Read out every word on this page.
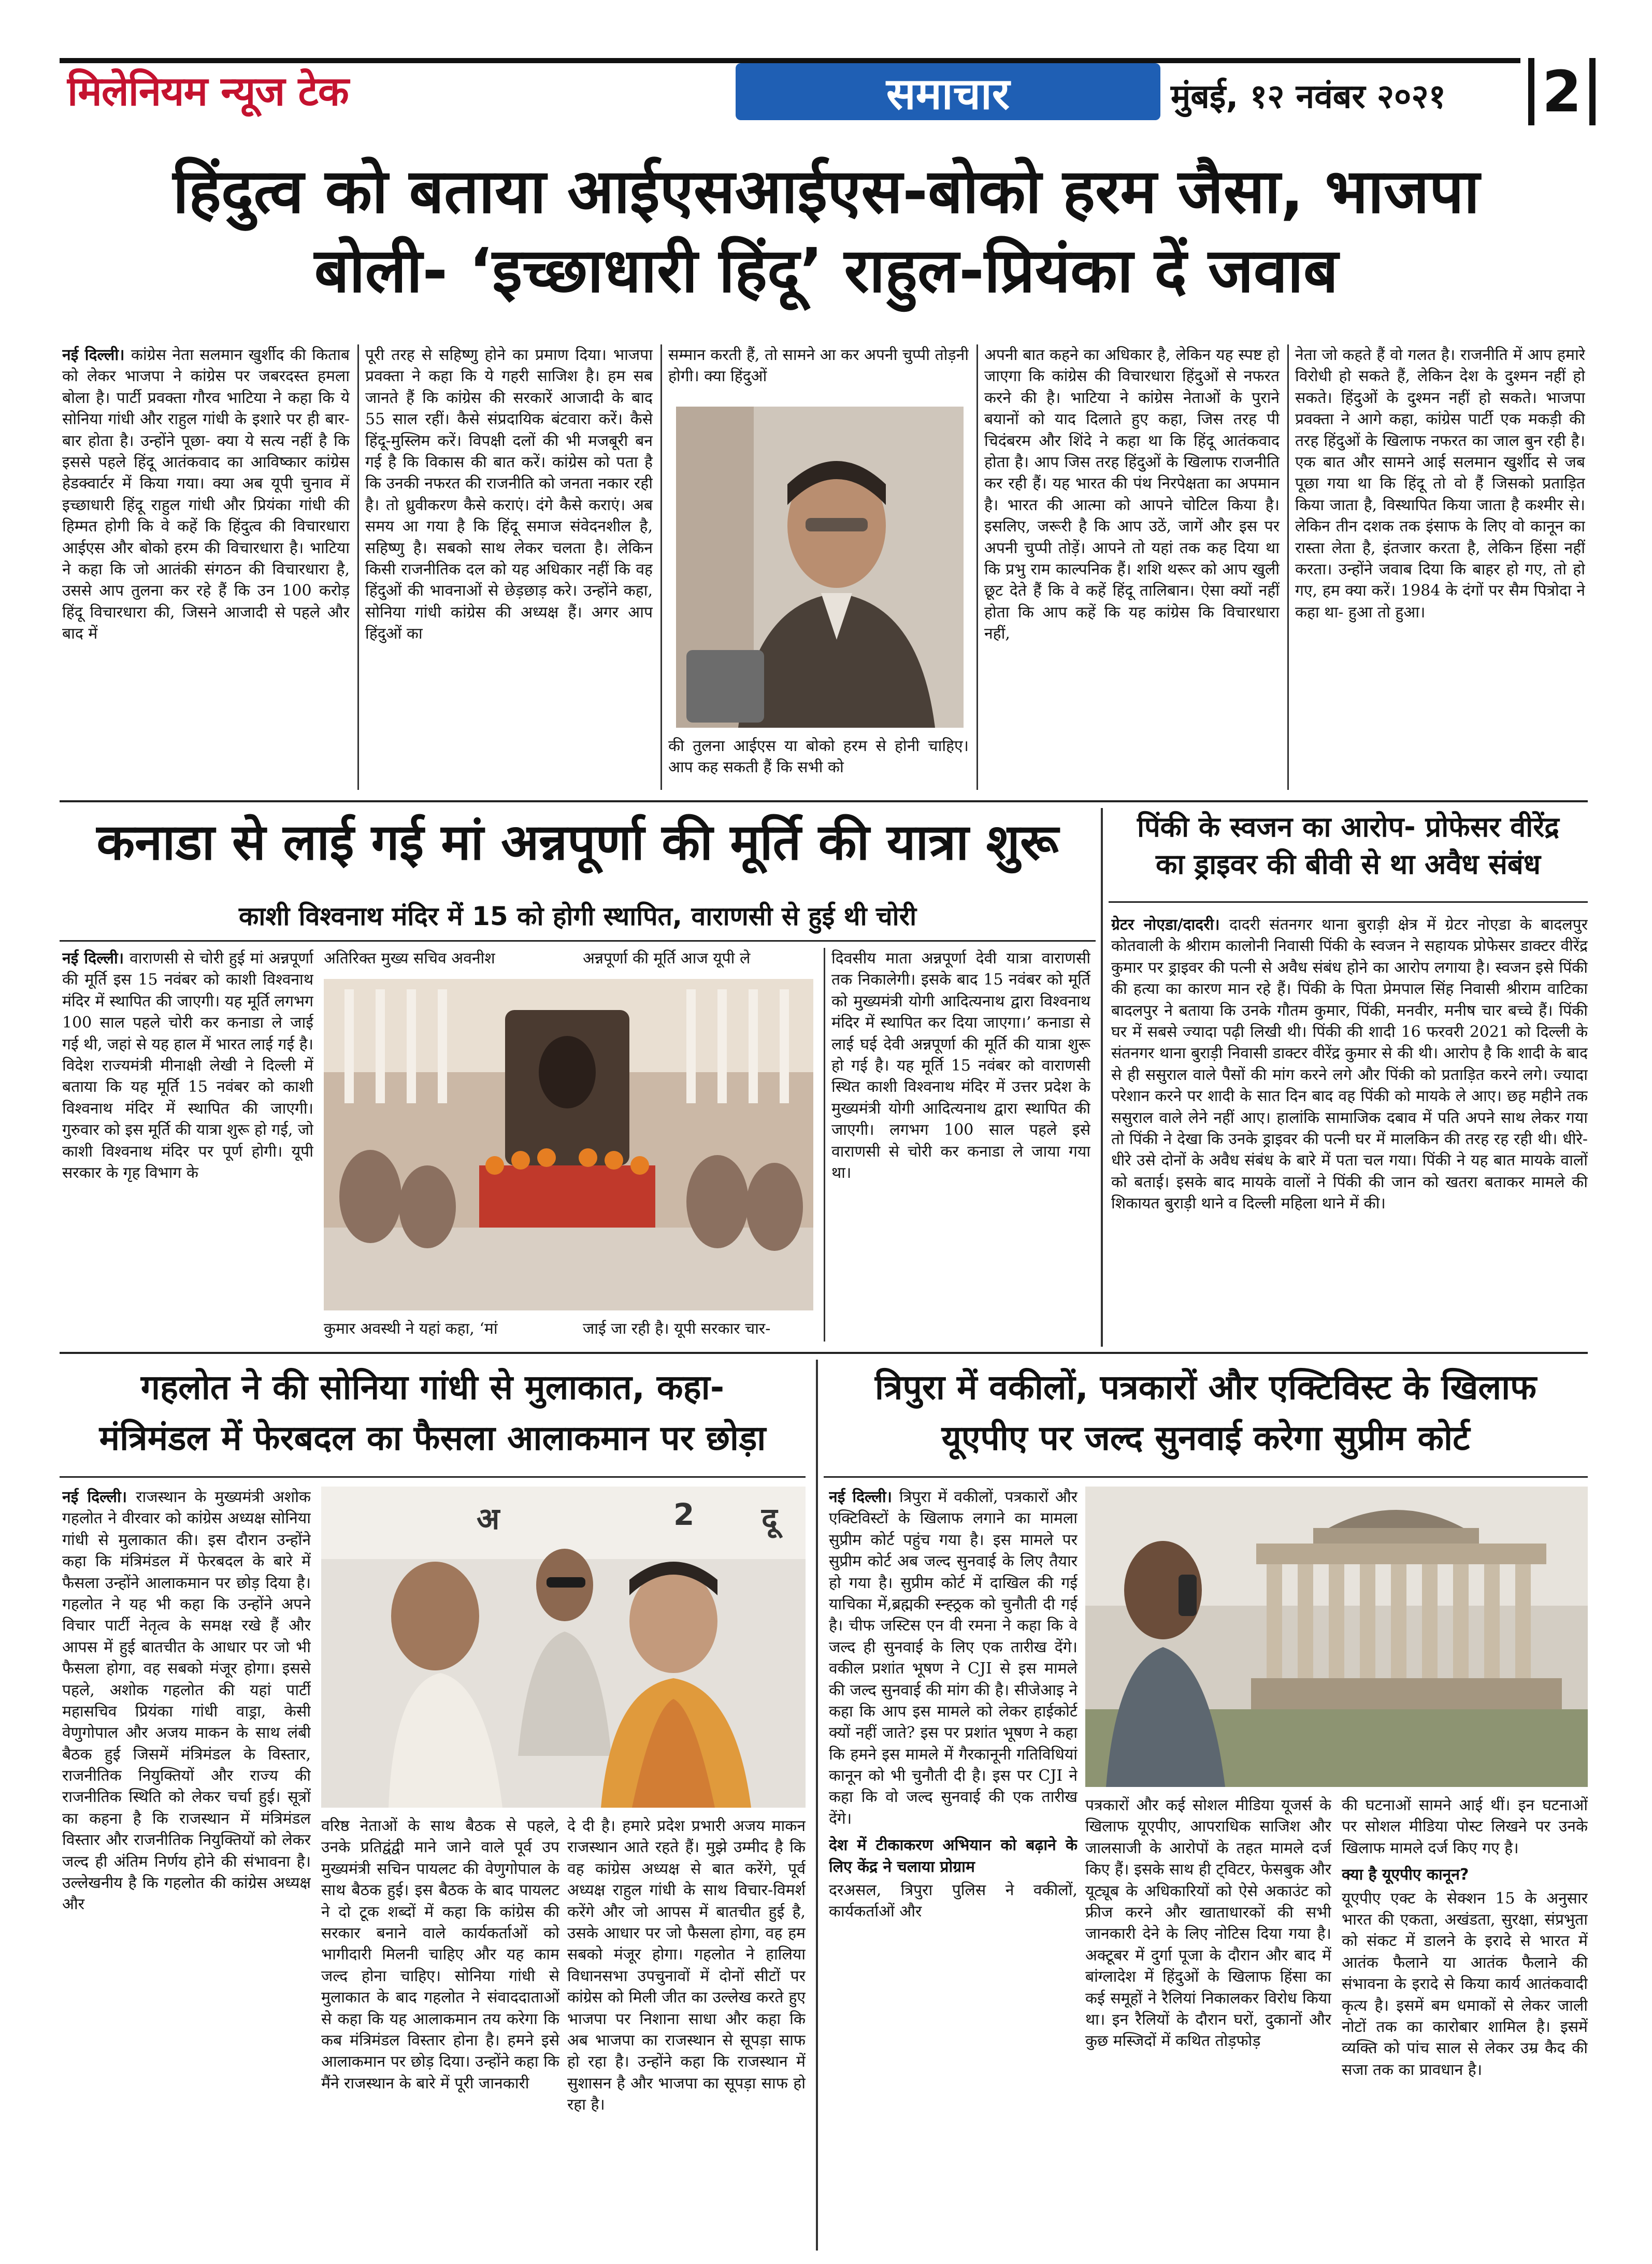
मिलेनियम न्यूज टेक	समाचार	मुंबई, १२ नवंबर २०२१ 2
हिंदुत्व को बताया आईएसआईएस-बोको हरम जैसा, भाजपा
बोली- ‘इच्छाधारी हिंदू’ राहुल-प्रियंका दें जवाब
नई दिल्ली। कांग्रेस नेता सलमान खुर्शीद की किताब को लेकर भाजपा ने कांग्रेस पर जबरदस्त हमला बोला है। पार्टी प्रवक्ता गौरव भाटिया ने कहा कि ये सोनिया गांधी और राहुल गांधी के इशारे पर ही बार-बार होता है। उन्होंने पूछा- क्या ये सत्य नहीं है कि इससे पहले हिंदू आतंकवाद का आविष्कार कांग्रेस हेडक्वार्टर में किया गया। क्या अब यूपी चुनाव में इच्छाधारी हिंदू राहुल गांधी और प्रियंका गांधी की हिम्मत होगी कि वे कहें कि हिंदुत्व की विचारधारा आईएस और बोको हरम की विचारधारा है। भाटिया ने कहा कि जो आतंकी संगठन की विचारधारा है, उससे आप तुलना कर रहे हैं कि उन 100 करोड़ हिंदू विचारधारा की, जिसने आजादी से पहले और बाद में
पूरी तरह से सहिष्णु होने का प्रमाण दिया। भाजपा प्रवक्ता ने कहा कि ये गहरी साजिश है। हम सब जानते हैं कि कांग्रेस की सरकारें आजादी के बाद 55 साल रहीं। कैसे संप्रदायिक बंटवारा करें। कैसे हिंदू-मुस्लिम करें। विपक्षी दलों की भी मजबूरी बन गई है कि विकास की बात करें। कांग्रेस को पता है कि उनकी नफरत की राजनीति को जनता नकार रही है। तो ध्रुवीकरण कैसे कराएं। दंगे कैसे कराएं। अब समय आ गया है कि हिंदू समाज संवेदनशील है, सहिष्णु है। सबको साथ लेकर चलता है। लेकिन किसी राजनीतिक दल को यह अधिकार नहीं कि वह हिंदुओं की भावनाओं से छेड़छाड़ करे। उन्होंने कहा, सोनिया गांधी कांग्रेस की अध्यक्ष हैं। अगर आप हिंदुओं का
सम्मान करती हैं, तो सामने आ कर अपनी चुप्पी तोड़नी होगी। क्या हिंदुओं
की तुलना आईएस या बोको हरम से होनी चाहिए। आप कह सकती हैं कि सभी को
अपनी बात कहने का अधिकार है, लेकिन यह स्पष्ट हो जाएगा कि कांग्रेस की विचारधारा हिंदुओं से नफरत करने की है। भाटिया ने कांग्रेस नेताओं के पुराने बयानों को याद दिलाते हुए कहा, जिस तरह पी चिदंबरम और शिंदे ने कहा था कि हिंदू आतंकवाद होता है। आप जिस तरह हिंदुओं के खिलाफ राजनीति कर रही हैं। यह भारत की पंथ निरपेक्षता का अपमान है। भारत की आत्मा को आपने चोटिल किया है। इसलिए, जरूरी है कि आप उठें, जागें और इस पर अपनी चुप्पी तोड़ें। आपने तो यहां तक कह दिया था कि प्रभु राम काल्पनिक हैं। शशि थरूर को आप खुली छूट देते हैं कि वे कहें हिंदू तालिबान। ऐसा क्यों नहीं होता कि आप कहें कि यह कांग्रेस कि विचारधारा नहीं,
नेता जो कहते हैं वो गलत है। राजनीति में आप हमारे विरोधी हो सकते हैं, लेकिन देश के दुश्मन नहीं हो सकते। हिंदुओं के दुश्मन नहीं हो सकते। भाजपा प्रवक्ता ने आगे कहा, कांग्रेस पार्टी एक मकड़ी की तरह हिंदुओं के खिलाफ नफरत का जाल बुन रही है। एक बात और सामने आई सलमान खुर्शीद से जब पूछा गया था कि हिंदू तो वो हैं जिसको प्रताड़ित किया जाता है, विस्थापित किया जाता है कश्मीर से। लेकिन तीन दशक तक इंसाफ के लिए वो कानून का रास्ता लेता है, इंतजार करता है, लेकिन हिंसा नहीं करता। उन्होंने जवाब दिया कि बाहर हो गए, तो हो गए, हम क्या करें। 1984 के दंगों पर सैम पित्रोदा ने कहा था- हुआ तो हुआ।
कनाडा से लाई गई मां अन्नपूर्णा की मूर्ति की यात्रा शुरू
काशी विश्वनाथ मंदिर में 15 को होगी स्थापित, वाराणसी से हुई थी चोरी
नई दिल्ली। वाराणसी से चोरी हुई मां अन्नपूर्णा की मूर्ति इस 15 नवंबर को काशी विश्वनाथ मंदिर में स्थापित की जाएगी। यह मूर्ति लगभग 100 साल पहले चोरी कर कनाडा ले जाई गई थी, जहां से यह हाल में भारत लाई गई है। विदेश राज्यमंत्री मीनाक्षी लेखी ने दिल्ली में बताया कि यह मूर्ति 15 नवंबर को काशी विश्वनाथ मंदिर में स्थापित की जाएगी। गुरुवार को इस मूर्ति की यात्रा शुरू हो गई, जो काशी विश्वनाथ मंदिर पर पूर्ण होगी। यूपी सरकार के गृह विभाग के
अतिरिक्त मुख्य सचिव अवनीश	अन्नपूर्णा की मूर्ति आज यूपी ले
कुमार अवस्थी ने यहां कहा, ‘मां	जाई जा रही है। यूपी सरकार चार-
दिवसीय माता अन्नपूर्णा देवी यात्रा वाराणसी तक निकालेगी। इसके बाद 15 नवंबर को मूर्ति को मुख्यमंत्री योगी आदित्यनाथ द्वारा विश्वनाथ मंदिर में स्थापित कर दिया जाएगा।’ कनाडा से लाई घई देवी अन्नपूर्णा की मूर्ति की यात्रा शुरू हो गई है। यह मूर्ति 15 नवंबर को वाराणसी स्थित काशी विश्वनाथ मंदिर में उत्तर प्रदेश के मुख्यमंत्री योगी आदित्यनाथ द्वारा स्थापित की जाएगी। लगभग 100 साल पहले इसे वाराणसी से चोरी कर कनाडा ले जाया गया था।
पिंकी के स्वजन का आरोप- प्रोफेसर वीरेंद्र
का ड्राइवर की बीवी से था अवैध संबंध
ग्रेटर नोएडा/दादरी। दादरी संतनगर थाना बुराड़ी क्षेत्र में ग्रेटर नोएडा के बादलपुर कोतवाली के श्रीराम कालोनी निवासी पिंकी के स्वजन ने सहायक प्रोफेसर डाक्टर वीरेंद्र कुमार पर ड्राइवर की पत्नी से अवैध संबंध होने का आरोप लगाया है। स्वजन इसे पिंकी की हत्या का कारण मान रहे हैं। पिंकी के पिता प्रेमपाल सिंह निवासी श्रीराम वाटिका बादलपुर ने बताया कि उनके गौतम कुमार, पिंकी, मनवीर, मनीष चार बच्चे हैं। पिंकी घर में सबसे ज्यादा पढ़ी लिखी थी। पिंकी की शादी 16 फरवरी 2021 को दिल्ली के संतनगर थाना बुराड़ी निवासी डाक्टर वीरेंद्र कुमार से की थी। आरोप है कि शादी के बाद से ही ससुराल वाले पैसों की मांग करने लगे और पिंकी को प्रताड़ित करने लगे। ज्यादा परेशान करने पर शादी के सात दिन बाद वह पिंकी को मायके ले आए। छह महीने तक ससुराल वाले लेने नहीं आए। हालांकि सामाजिक दबाव में पति अपने साथ लेकर गया तो पिंकी ने देखा कि उनके ड्राइवर की पत्नी घर में मालकिन की तरह रह रही थी। धीरे-धीरे उसे दोनों के अवैध संबंध के बारे में पता चल गया। पिंकी ने यह बात मायके वालों को बताई। इसके बाद मायके वालों ने पिंकी की जान को खतरा बताकर मामले की शिकायत बुराड़ी थाने व दिल्ली महिला थाने में की।
गहलोत ने की सोनिया गांधी से मुलाकात, कहा-
मंत्रिमंडल में फेरबदल का फैसला आलाकमान पर छोड़ा
नई दिल्ली। राजस्थान के मुख्यमंत्री अशोक गहलोत ने वीरवार को कांग्रेस अध्यक्ष सोनिया गांधी से मुलाकात की। इस दौरान उन्होंने कहा कि मंत्रिमंडल में फेरबदल के बारे में फैसला उन्होंने आलाकमान पर छोड़ दिया है। गहलोत ने यह भी कहा कि उन्होंने अपने विचार पार्टी नेतृत्व के समक्ष रखे हैं और आपस में हुई बातचीत के आधार पर जो भी फैसला होगा, वह सबको मंजूर होगा। इससे पहले, अशोक गहलोत की यहां पार्टी महासचिव प्रियंका गांधी वाड्रा, केसी वेणुगोपाल और अजय माकन के साथ लंबी बैठक हुई जिसमें मंत्रिमंडल के विस्तार, राजनीतिक नियुक्तियों और राज्य की राजनीतिक स्थिति को लेकर चर्चा हुई। सूत्रों का कहना है कि राजस्थान में मंत्रिमंडल विस्तार और राजनीतिक नियुक्तियों को लेकर जल्द ही अंतिम निर्णय होने की संभावना है। उल्लेखनीय है कि गहलोत की कांग्रेस अध्यक्ष और
अ	2 दू
वरिष्ठ नेताओं के साथ बैठक से पहले, उनके प्रतिद्वंद्वी माने जाने वाले पूर्व उप मुख्यमंत्री सचिन पायलट की वेणुगोपाल के साथ बैठक हुई। इस बैठक के बाद पायलट ने दो टूक शब्दों में कहा कि कांग्रेस की सरकार बनाने वाले कार्यकर्ताओं को भागीदारी मिलनी चाहिए और यह काम जल्द होना चाहिए। सोनिया गांधी से मुलाकात के बाद गहलोत ने संवाददाताओं से कहा कि यह आलाकमान तय करेगा कि कब मंत्रिमंडल विस्तार होना है। हमने इसे आलाकमान पर छोड़ दिया। उन्होंने कहा कि मैंने राजस्थान के बारे में पूरी जानकारी
दे दी है। हमारे प्रदेश प्रभारी अजय माकन राजस्थान आते रहते हैं। मुझे उम्मीद है कि वह कांग्रेस अध्यक्ष से बात करेंगे, पूर्व अध्यक्ष राहुल गांधी के साथ विचार-विमर्श करेंगे और जो आपस में बातचीत हुई है, उसके आधार पर जो फैसला होगा, वह हम सबको मंजूर होगा। गहलोत ने हालिया विधानसभा उपचुनावों में दोनों सीटों पर कांग्रेस को मिली जीत का उल्लेख करते हुए भाजपा पर निशाना साधा और कहा कि अब भाजपा का राजस्थान से सूपड़ा साफ हो रहा है। उन्होंने कहा कि राजस्थान में सुशासन है और भाजपा का सूपड़ा साफ हो रहा है।
त्रिपुरा में वकीलों, पत्रकारों और एक्टिविस्ट के खिलाफ
यूएपीए पर जल्द सुनवाई करेगा सुप्रीम कोर्ट
नई दिल्ली। त्रिपुरा में वकीलों, पत्रकारों और एक्टिविस्टों के खिलाफ लगाने का मामला सुप्रीम कोर्ट पहुंच गया है। इस मामले पर सुप्रीम कोर्ट अब जल्द सुनवाई के लिए तैयार हो गया है। सुप्रीम कोर्ट में दाखिल की गई याचिका में,ब्रह्मकी स्न्ह्ठ्रक को चुनौती दी गई है। चीफ जस्टिस एन वी रमना ने कहा कि वे जल्द ही सुनवाई के लिए एक तारीख देंगे। वकील प्रशांत भूषण ने CJI से इस मामले की जल्द सुनवाई की मांग की है। सीजेआइ ने कहा कि आप इस मामले को लेकर हाईकोर्ट क्यों नहीं जाते? इस पर प्रशांत भूषण ने कहा कि हमने इस मामले में गैरकानूनी गतिविधियां कानून को भी चुनौती दी है। इस पर CJI ने कहा कि वो जल्द सुनवाई की एक तारीख देंगे।
देश में टीकाकरण अभियान को बढ़ाने के लिए केंद्र ने चलाया प्रोग्राम
दरअसल, त्रिपुरा पुलिस ने वकीलों, कार्यकर्ताओं और
पत्रकारों और कई सोशल मीडिया यूजर्स के खिलाफ यूएपीए, आपराधिक साजिश और जालसाजी के आरोपों के तहत मामले दर्ज किए हैं। इसके साथ ही ट्विटर, फेसबुक और यूट्यूब के अधिकारियों को ऐसे अकाउंट को फ्रीज करने और खाताधारकों की सभी जानकारी देने के लिए नोटिस दिया गया है। अक्टूबर में दुर्गा पूजा के दौरान और बाद में बांग्लादेश में हिंदुओं के खिलाफ हिंसा का कई समूहों ने रैलियां निकालकर विरोध किया था। इन रैलियों के दौरान घरों, दुकानों और कुछ मस्जिदों में कथित तोड़फोड़
की घटनाओं सामने आई थीं। इन घटनाओं पर सोशल मीडिया पोस्ट लिखने पर उनके खिलाफ मामले दर्ज किए गए है।
क्या है यूएपीए कानून?
यूएपीए एक्ट के सेक्शन 15 के अनुसार भारत की एकता, अखंडता, सुरक्षा, संप्रभुता को संकट में डालने के इरादे से भारत में आतंक फैलाने या आतंक फैलाने की संभावना के इरादे से किया कार्य आतंकवादी कृत्य है। इसमें बम धमाकों से लेकर जाली नोटों तक का कारोबार शामिल है। इसमें व्यक्ति को पांच साल से लेकर उम्र कैद की सजा तक का प्रावधान है।
